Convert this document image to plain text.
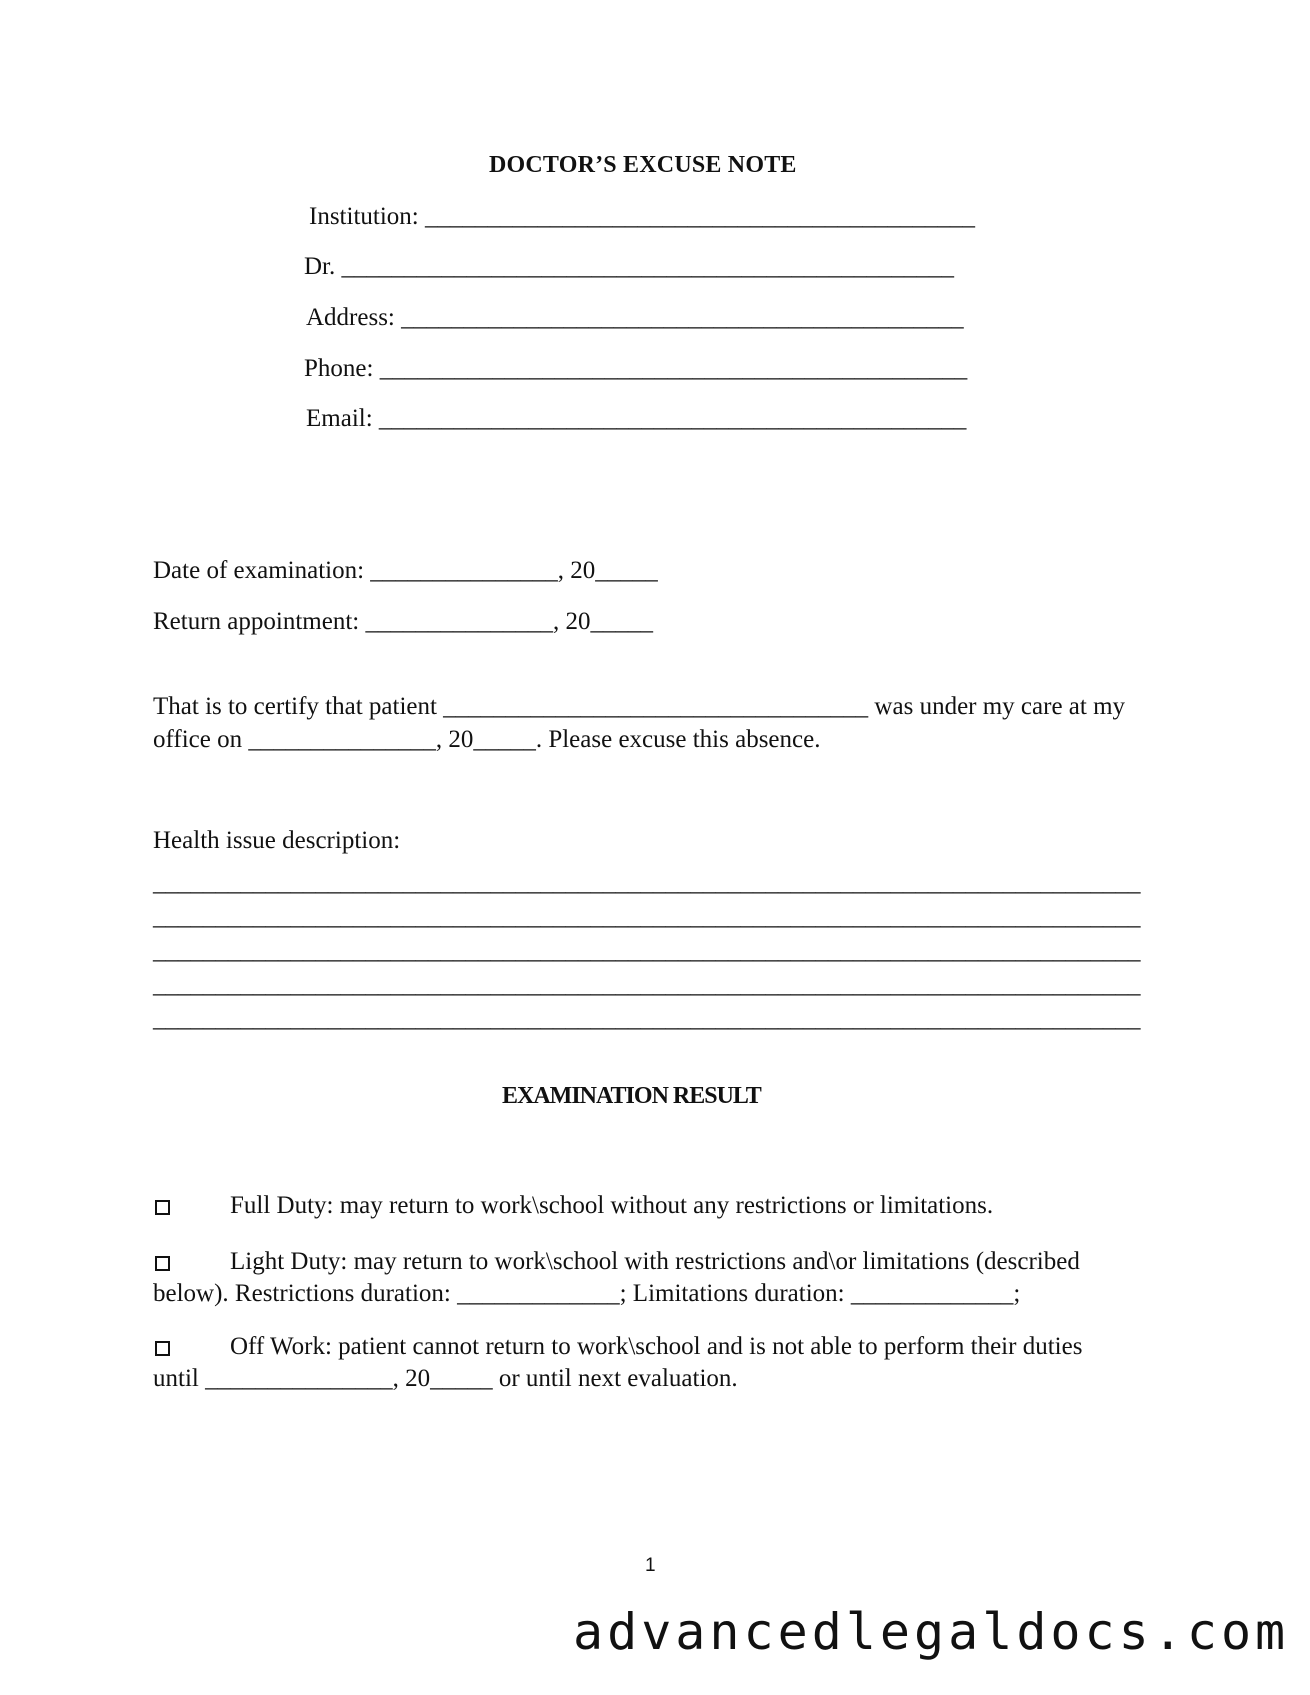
DOCTOR’S EXCUSE NOTE
Institution: ____________________________________________
Dr. _________________________________________________
Address: _____________________________________________
Phone: _______________________________________________
Email: _______________________________________________
Date of examination: _______________, 20_____
Return appointment: _______________, 20_____
That is to certify that patient __________________________________ was under my care at my
office on _______________, 20_____. Please excuse this absence.
Health issue description:
_______________________________________________________________________________
_______________________________________________________________________________
_______________________________________________________________________________
_______________________________________________________________________________
_______________________________________________________________________________
EXAMINATION RESULT
Full Duty: may return to work\school without any restrictions or limitations.
Light Duty: may return to work\school with restrictions and\or limitations (described
below). Restrictions duration: _____________; Limitations duration: _____________;
Off Work: patient cannot return to work\school and is not able to perform their duties
until _______________, 20_____ or until next evaluation.
1
advancedlegaldocs.com
